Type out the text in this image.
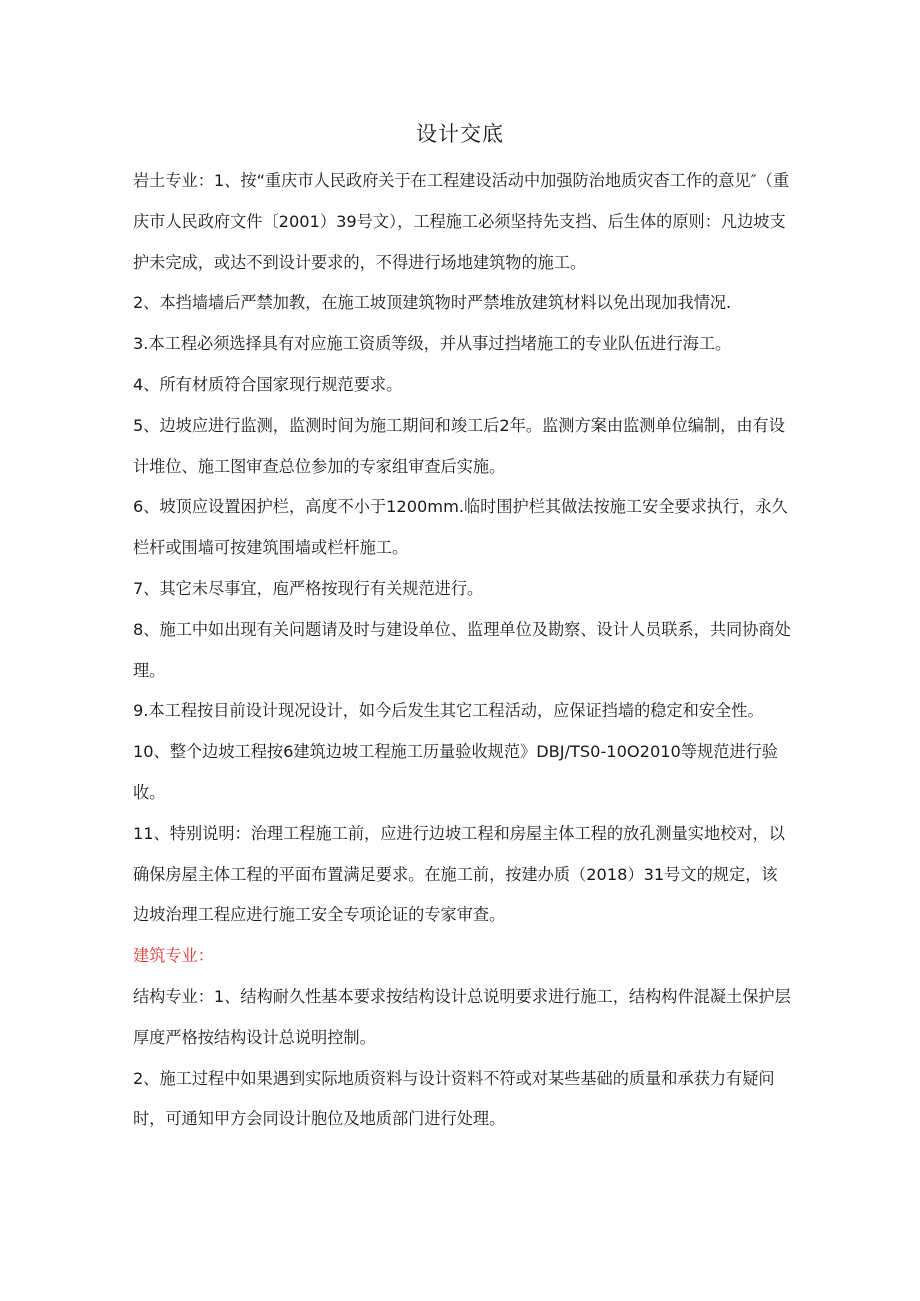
设计交底

岩土专业：1、按“重庆市人民政府关于在工程建设活动中加强防治地质灾杳工作的意见″（重庆市人民政府文件〔2001）39号文），工程施工必须坚持先支挡、后生体的原则：凡边坡支护未完成，或达不到设计要求的，不得进行场地建筑物的施工。

2、本挡墙墙后严禁加教，在施工坡顶建筑物时严禁堆放建筑材料以免出现加我情况.

3.本工程必须选择具有对应施工资质等级，并从事过挡堵施工的专业队伍进行海工。

4、所有材质符合国家现行规范要求。

5、边坡应进行监测，监测时间为施工期间和竣工后2年。监测方案由监测单位编制，由有设计堆位、施工图审查总位参加的专家组审查后实施。

6、坡顶应设置困护栏，高度不小于1200mm.临时围护栏其做法按施工安全要求执行，永久栏杆或围墙可按建筑围墙或栏杆施工。

7、其它未尽事宜，庖严格按现行有关规范进行。

8、施工中如出现有关问题请及时与建设单位、监理单位及勘察、设计人员联系，共同协商处理。

9.本工程按目前设计现况设计，如今后发生其它工程活动，应保证挡墙的稳定和安全性。

10、整个边坡工程按6建筑边坡工程施工历量验收规范》DBJ/TS0-10O2010等规范进行验收。

11、特别说明：治理工程施工前，应进行边坡工程和房屋主体工程的放孔测量实地校对，以确保房屋主体工程的平面布置满足要求。在施工前，按建办质（2018）31号文的规定，该边坡治理工程应进行施工安全专项论证的专家审查。

建筑专业：

结构专业：1、结构耐久性基本要求按结构设计总说明要求进行施工，结构构件混凝土保护层厚度严格按结构设计总说明控制。

2、施工过程中如果遇到实际地质资料与设计资料不符或对某些基础的质量和承获力有疑问时，可通知甲方会同设计胞位及地质部门进行处理。
